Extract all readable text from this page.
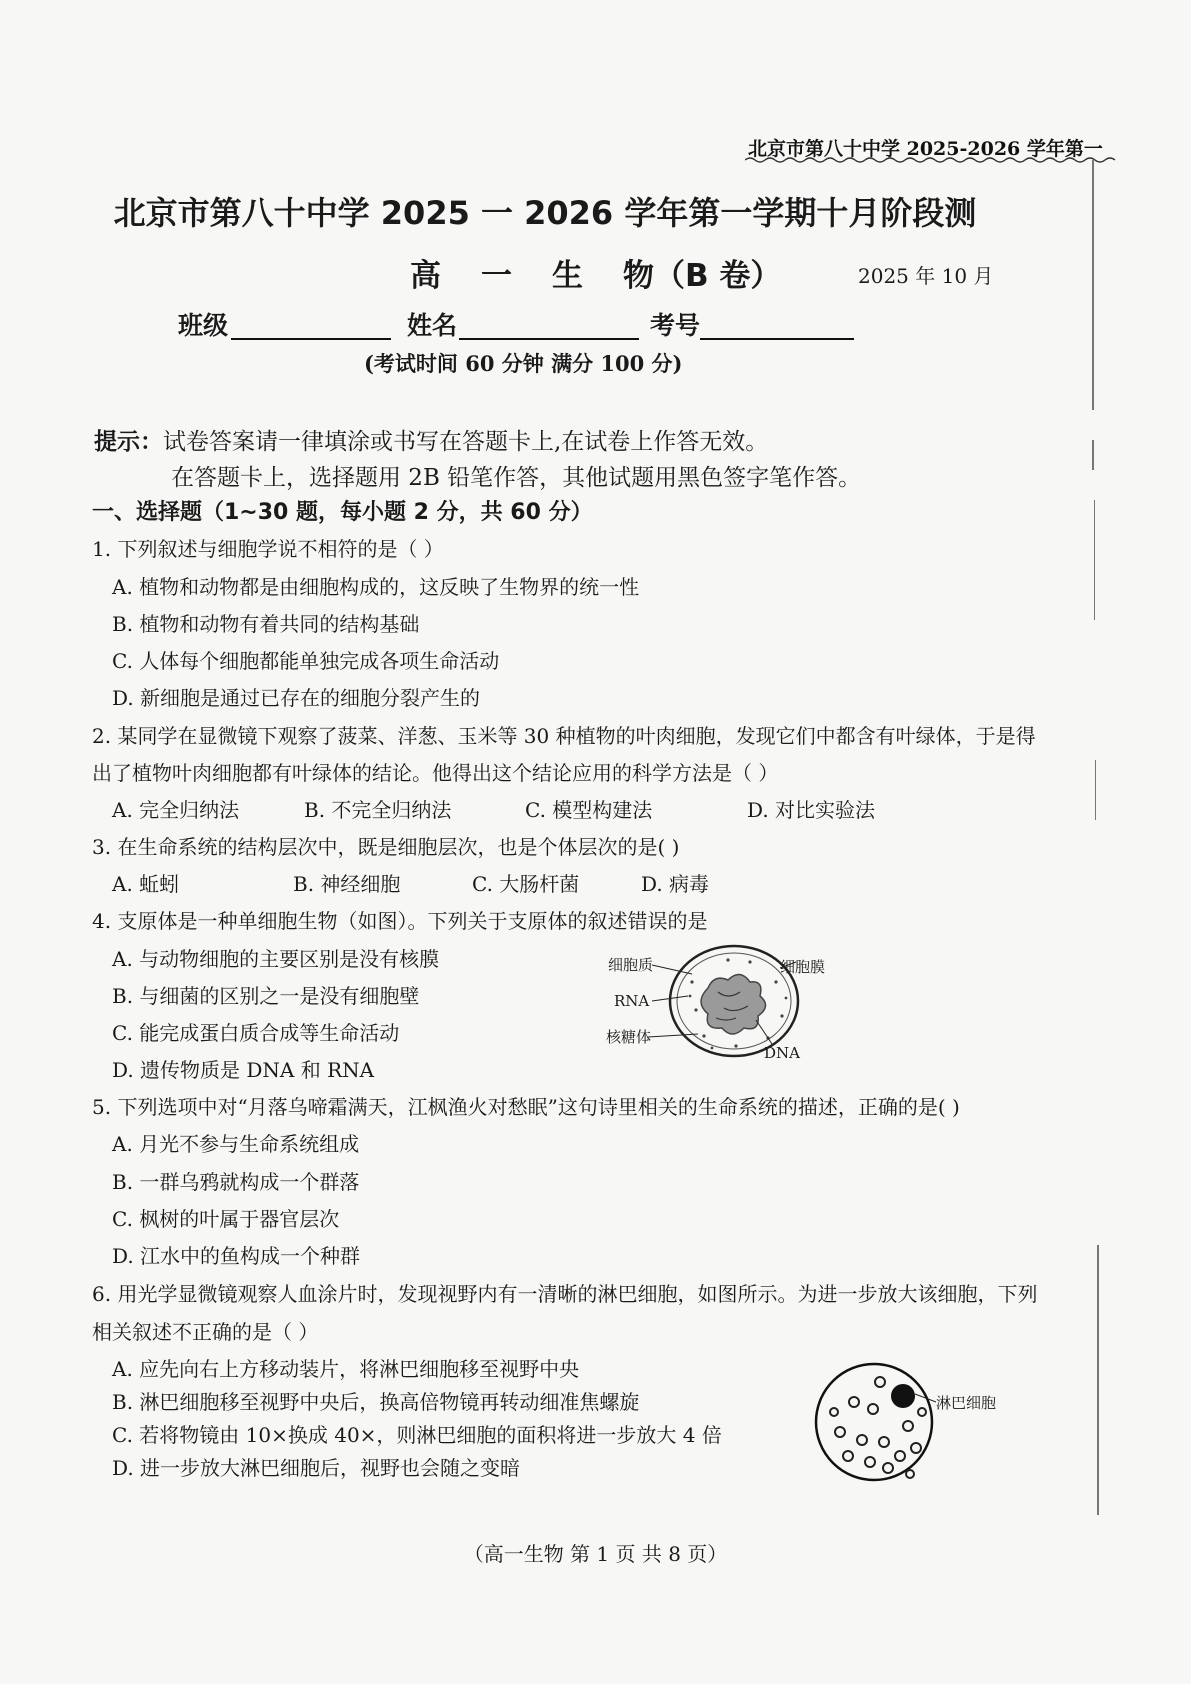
北京市第八十中学 2025-2026 学年第一
北京市第八十中学 2025 一 2026 学年第一学期十月阶段测
高 一 生 物（B 卷）	2025 年 10 月
班级	姓名	考号
(考试时间 60 分钟 满分 100 分)
提示：试卷答案请一律填涂或书写在答题卡上,在试卷上作答无效。
在答题卡上，选择题用 2B 铅笔作答，其他试题用黑色签字笔作答。
一、选择题（1~30 题，每小题 2 分，共 60 分）
1. 下列叙述与细胞学说不相符的是（ ）
A. 植物和动物都是由细胞构成的，这反映了生物界的统一性
B. 植物和动物有着共同的结构基础
C. 人体每个细胞都能单独完成各项生命活动
D. 新细胞是通过已存在的细胞分裂产生的
2. 某同学在显微镜下观察了菠菜、洋葱、玉米等 30 种植物的叶肉细胞，发现它们中都含有叶绿体，于是得
出了植物叶肉细胞都有叶绿体的结论。他得出这个结论应用的科学方法是（ ）
A. 完全归纳法	B. 不完全归纳法	C. 模型构建法	D. 对比实验法
3. 在生命系统的结构层次中，既是细胞层次，也是个体层次的是( )
A. 蚯蚓	B. 神经细胞	C. 大肠杆菌	D. 病毒
4. 支原体是一种单细胞生物（如图）。下列关于支原体的叙述错误的是
A. 与动物细胞的主要区别是没有核膜
B. 与细菌的区别之一是没有细胞壁
C. 能完成蛋白质合成等生命活动
D. 遗传物质是 DNA 和 RNA
细胞质	细胞膜
RNA
核糖体
DNA
5. 下列选项中对“月落乌啼霜满天，江枫渔火对愁眠”这句诗里相关的生命系统的描述，正确的是( )
A. 月光不参与生命系统组成
B. 一群乌鸦就构成一个群落
C. 枫树的叶属于器官层次
D. 江水中的鱼构成一个种群
6. 用光学显微镜观察人血涂片时，发现视野内有一清晰的淋巴细胞，如图所示。为进一步放大该细胞，下列
相关叙述不正确的是（ ）
A. 应先向右上方移动装片，将淋巴细胞移至视野中央
B. 淋巴细胞移至视野中央后，换高倍物镜再转动细准焦螺旋
C. 若将物镜由 10×换成 40×，则淋巴细胞的面积将进一步放大 4 倍
D. 进一步放大淋巴细胞后，视野也会随之变暗
淋巴细胞
（高一生物 第 1 页 共 8 页）
